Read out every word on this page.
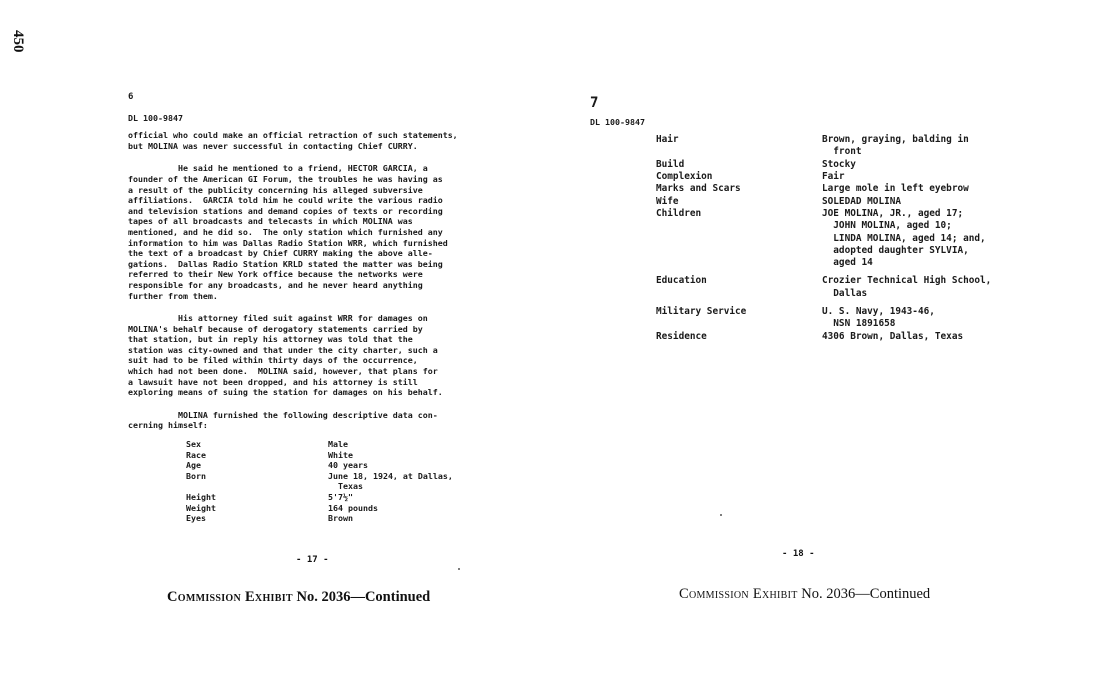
450
6
DL 100-9847

official who could make an official retraction of such statements,
but MOLINA was never successful in contacting Chief CURRY.

He said he mentioned to a friend, HECTOR GARCIA, a
founder of the American GI Forum, the troubles he was having as
a result of the publicity concerning his alleged subversive
affiliations.  GARCIA told him he could write the various radio
and television stations and demand copies of texts or recording
tapes of all broadcasts and telecasts in which MOLINA was
mentioned, and he did so.  The only station which furnished any
information to him was Dallas Radio Station WRR, which furnished
the text of a broadcast by Chief CURRY making the above alle-
gations.  Dallas Radio Station KRLD stated the matter was being
referred to their New York office because the networks were
responsible for any broadcasts, and he never heard anything
further from them.

His attorney filed suit against WRR for damages on
MOLINA's behalf because of derogatory statements carried by
that station, but in reply his attorney was told that the
station was city-owned and that under the city charter, such a
suit had to be filed within thirty days of the occurrence,
which had not been done.  MOLINA said, however, that plans for
a lawsuit have not been dropped, and his attorney is still
exploring means of suing the station for damages on his behalf.

MOLINA furnished the following descriptive data con-
cerning himself:

Sex	Male
Race	White
Age	40 years
Born	June 18, 1924, at Dallas,
Texas
Height	5'7½"
Weight	164 pounds
Eyes	Brown
- 17 -
Commission Exhibit No. 2036—Continued
7
DL 100-9847
Hair	Brown, graying, balding in
front
Build	Stocky
Complexion	Fair
Marks and Scars	Large mole in left eyebrow
Wife	SOLEDAD MOLINA
Children	JOE MOLINA, JR., aged 17;
JOHN MOLINA, aged 10;
LINDA MOLINA, aged 14; and,
adopted daughter SYLVIA,
aged 14
Education	Crozier Technical High School,
Dallas
Military Service	U. S. Navy, 1943-46,
NSN 1891658
Residence	4306 Brown, Dallas, Texas
- 18 -
Commission Exhibit No. 2036—Continued
